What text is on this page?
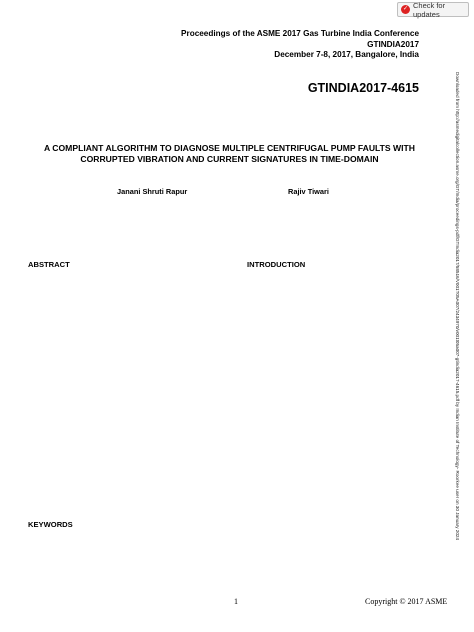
✓ Check for updates
Proceedings of the ASME 2017 Gas Turbine India Conference
GTINDIA2017
December 7-8, 2017, Bangalore, India
GTINDIA2017-4615
A COMPLIANT ALGORITHM TO DIAGNOSE MULTIPLE CENTRIFUGAL PUMP FAULTS WITH CORRUPTED VIBRATION AND CURRENT SIGNATURES IN TIME-DOMAIN
Janani Shruti Rapur	Rajiv Tiwari
ABSTRACT	INTRODUCTION
KEYWORDS	Downloaded from http://asmedigitalcollection.asme.org/GT/India/proceedings-pdf/GTIndia2017/58516/V001T05A007/2434970/v001t05a007-gtindia2017-4615.pdf by Indian Institute of Technology- Roorkee user on 30 January 2024
1	Copyright © 2017 ASME
